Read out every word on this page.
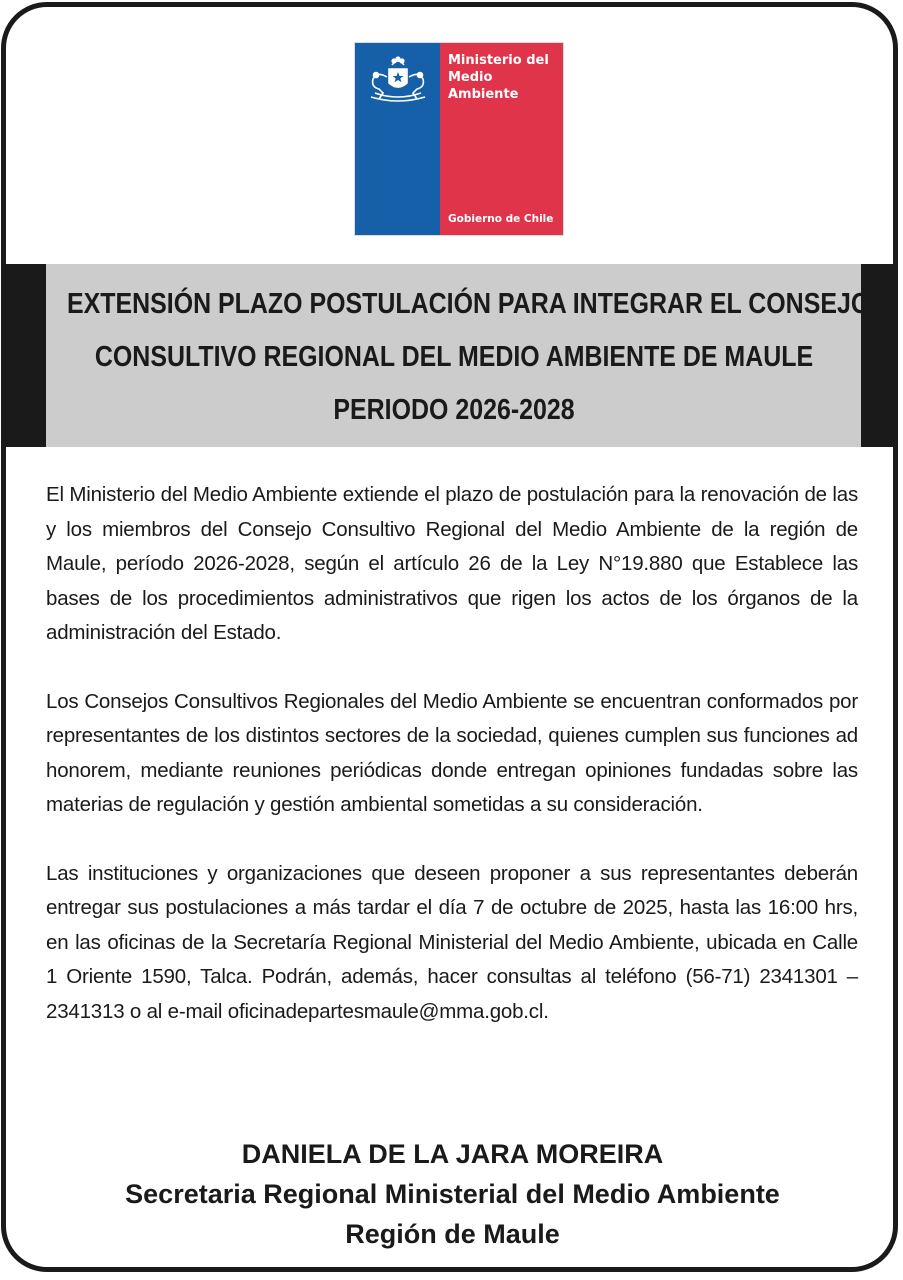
Ministerio del
Medio
Ambiente
Gobierno de Chile
EXTENSIÓN PLAZO POSTULACIÓN PARA INTEGRAR EL CONSEJO
CONSULTIVO REGIONAL DEL MEDIO AMBIENTE DE MAULE
PERIODO 2026-2028

El Ministerio del Medio Ambiente extiende el plazo de postulación para la renovación de las y los miembros del Consejo Consultivo Regional del Medio Ambiente de la región de Maule, período 2026-2028, según el artículo 26 de la Ley N°19.880 que Establece las bases de los procedimientos administrativos que rigen los actos de los órganos de la administración del Estado.

Los Consejos Consultivos Regionales del Medio Ambiente se encuentran conformados por representantes de los distintos sectores de la sociedad, quienes cumplen sus funciones ad honorem, mediante reuniones periódicas donde entregan opiniones fundadas sobre las materias de regulación y gestión ambiental sometidas a su consideración.

Las instituciones y organizaciones que deseen proponer a sus representantes deberán entregar sus postulaciones a más tardar el día 7 de octubre de 2025, hasta las 16:00 hrs, en las oficinas de la Secretaría Regional Ministerial del Medio Ambiente, ubicada en Calle 1 Oriente 1590, Talca. Podrán, además, hacer consultas al teléfono (56-71) 2341301 – 2341313 o al e-mail oficinadepartesmaule@mma.gob.cl.

DANIELA DE LA JARA MOREIRA
Secretaria Regional Ministerial del Medio Ambiente
Región de Maule
